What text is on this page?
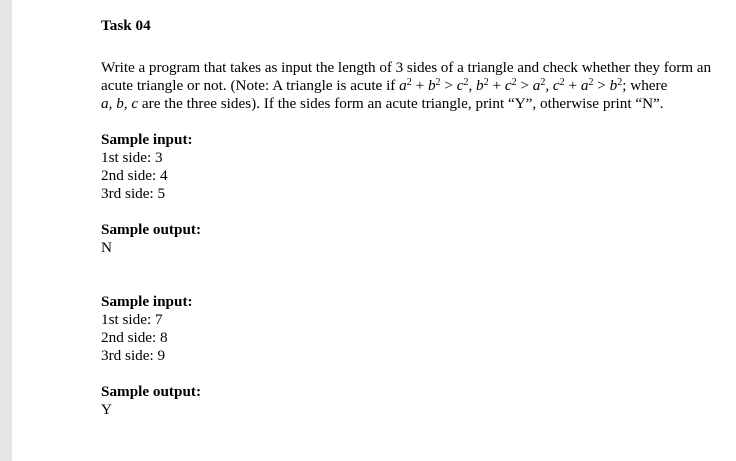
Task 04
Write a program that takes as input the length of 3 sides of a triangle and check whether they form an
acute triangle or not. (Note: A triangle is acute if $a^2 + b^2 > c^2$, $b^2 + c^2 > a^2$, $c^2 + a^2 > b^2$; where
a, b, c are the three sides). If the sides form an acute triangle, print “Y”, otherwise print “N”.
Sample input:
1st side: 3
2nd side: 4
3rd side: 5
Sample output:
N
Sample input:
1st side: 7
2nd side: 8
3rd side: 9
Sample output:
Y
